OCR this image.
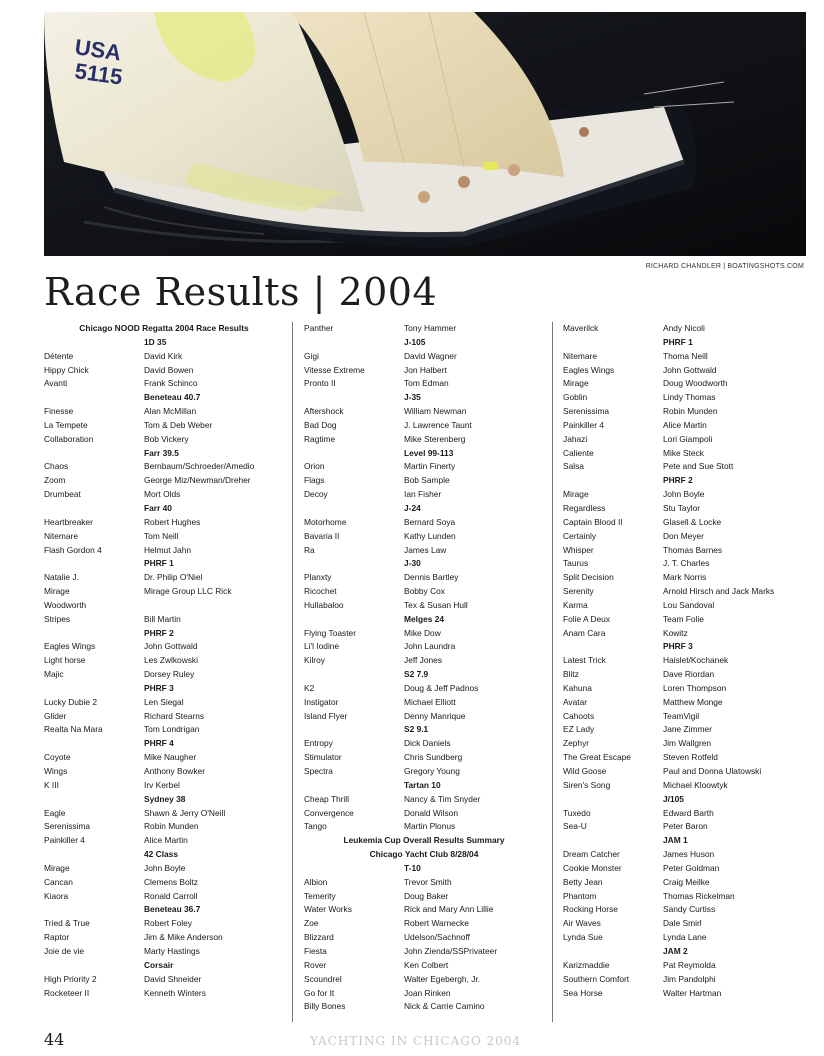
USA
5115
RICHARD CHANDLER | BOATINGSHOTS.COM
Race Results | 2004
Chicago NOOD Regatta 2004 Race Results
1D 35
Détente	David Kirk
Hippy Chick	David Bowen
Avanti	Frank Schinco
Beneteau 40.7
Finesse	Alan McMillan
La Tempete	Tom & Deb Weber
Collaboration	Bob Vickery
Farr 39.5
Chaos	Bernbaum/Schroeder/Amedio
Zoom	George Miz/Newman/Dreher
Drumbeat	Mort Olds
Farr 40
Heartbreaker	Robert Hughes
Nitemare	Tom Neill
Flash Gordon 4	Helmut Jahn
PHRF 1
Natalie J.	Dr. Philip O'Niel
Mirage	Mirage Group LLC Rick
Woodworth
Stripes	Bill Martin
PHRF 2
Eagles Wings	John Gottwald
Light horse	Les Zwlkowski
Majic	Dorsey Ruley
PHRF 3
Lucky Dubie 2	Len Siegal
Glider	Richard Stearns
Realta Na Mara	Tom Londrigan
PHRF 4
Coyote	Mike Naugher
Wings	Anthony Bowker
K III	Irv Kerbel
Sydney 38
Eagle	Shawn & Jerry O'Neill
Serenissima	Robin Munden
Painkiller 4	Alice Martin
42 Class
Mirage	John Boyle
Cancan	Clemens Boltz
Kiaora	Ronald Carroll
Beneteau 36.7
Tried & True	Robert Foley
Raptor	Jim & Mike Anderson
Joie de vie	Marty Hastings
Corsair
High Priority 2	David Shneider
Rocketeer II	Kenneth Winters
Panther	Tony Hammer
J-105
Gigi	David Wagner
Vitesse Extreme	Jon Halbert
Pronto II	Tom Edman
J-35
Aftershock	William Newman
Bad Dog	J. Lawrence Taunt
Ragtime	Mike Sterenberg
Level 99-113
Orion	Martin Finerty
Flags	Bob Sample
Decoy	Ian Fisher
J-24
Motorhome	Bernard Soya
Bavaria II	Kathy Lunden
Ra	James Law
J-30
Planxty	Dennis Bartley
Ricochet	Bobby Cox
Hullabaloo	Tex & Susan Hull
Melges 24
Flying Toaster	Mike Dow
Li'l Iodine	John Laundra
Kilroy	Jeff Jones
S2 7.9
K2	Doug & Jeff Padnos
Instigator	Michael Elliott
Island Flyer	Denny Manrique
S2 9.1
Entropy	Dick Daniels
Stimulator	Chris Sundberg
Spectra	Gregory Young
Tartan 10
Cheap Thrill	Nancy & Tim Snyder
Convergence	Donald Wilson
Tango	Martin Plonus
Leukemia Cup Overall Results Summary
Chicago Yacht Club 8/28/04
T-10
Albion	Trevor Smith
Temerity	Doug Baker
Water Works	Rick and Mary Ann Lillie
Zoe	Robert Warnecke
Blizzard	Udelson/Sachnoff
Fiesta	John Zienda/SSPrivateer
Rover	Ken Colbert
Scoundrel	Walter Egebergh, Jr.
Go for It	Joan Rinken
Billy Bones	Nick & Carrie Camino
Maverilck	Andy Nicoli
PHRF 1
Nitemare	Thoma Neill
Eagles Wings	John Gottwald
Mirage	Doug Woodworth
Goblin	Lindy Thomas
Serenissima	Robin Munden
Painkiller 4	Alice Martin
Jahazi	Lori Giampoli
Caliente	Mike Steck
Salsa	Pete and Sue Stott
PHRF 2
Mirage	John Boyle
Regardless	Stu Taylor
Captain Blood II	Glasell & Locke
Certainly	Don Meyer
Whisper	Thomas Barnes
Taurus	J. T. Charles
Split Decision	Mark Norris
Serenity	Arnold Hirsch and Jack Marks
Karma	Lou Sandoval
Folie A Deux	Team Folie
Anam Cara	Kowitz
PHRF 3
Latest Trick	Haislet/Kochanek
Blitz	Dave Riordan
Kahuna	Loren Thompson
Avatar	Matthew Monge
Cahoots	TeamVigil
EZ Lady	Jane Zimmer
Zephyr	Jim Wallgren
The Great Escape	Steven Rotfeld
Wild Goose	Paul and Donna Ulatowski
Siren's Song	Michael Kloowtyk
J/105
Tuxedo	Edward Barth
Sea-U	Peter Baron
JAM 1
Dream Catcher	James Huson
Cookie Monster	Peter Goldman
Betty Jean	Craig Meilke
Phantom	Thomas Rickelman
Rocking Horse	Sandy Curtiss
Air Waves	Dale Smirl
Lynda Sue	Lynda Lane
JAM 2
Karizmaddie	Pat Reymolda
Southern Comfort	Jim Pandolphi
Sea Horse	Walter Hartman
44	YACHTING IN CHICAGO 2004
